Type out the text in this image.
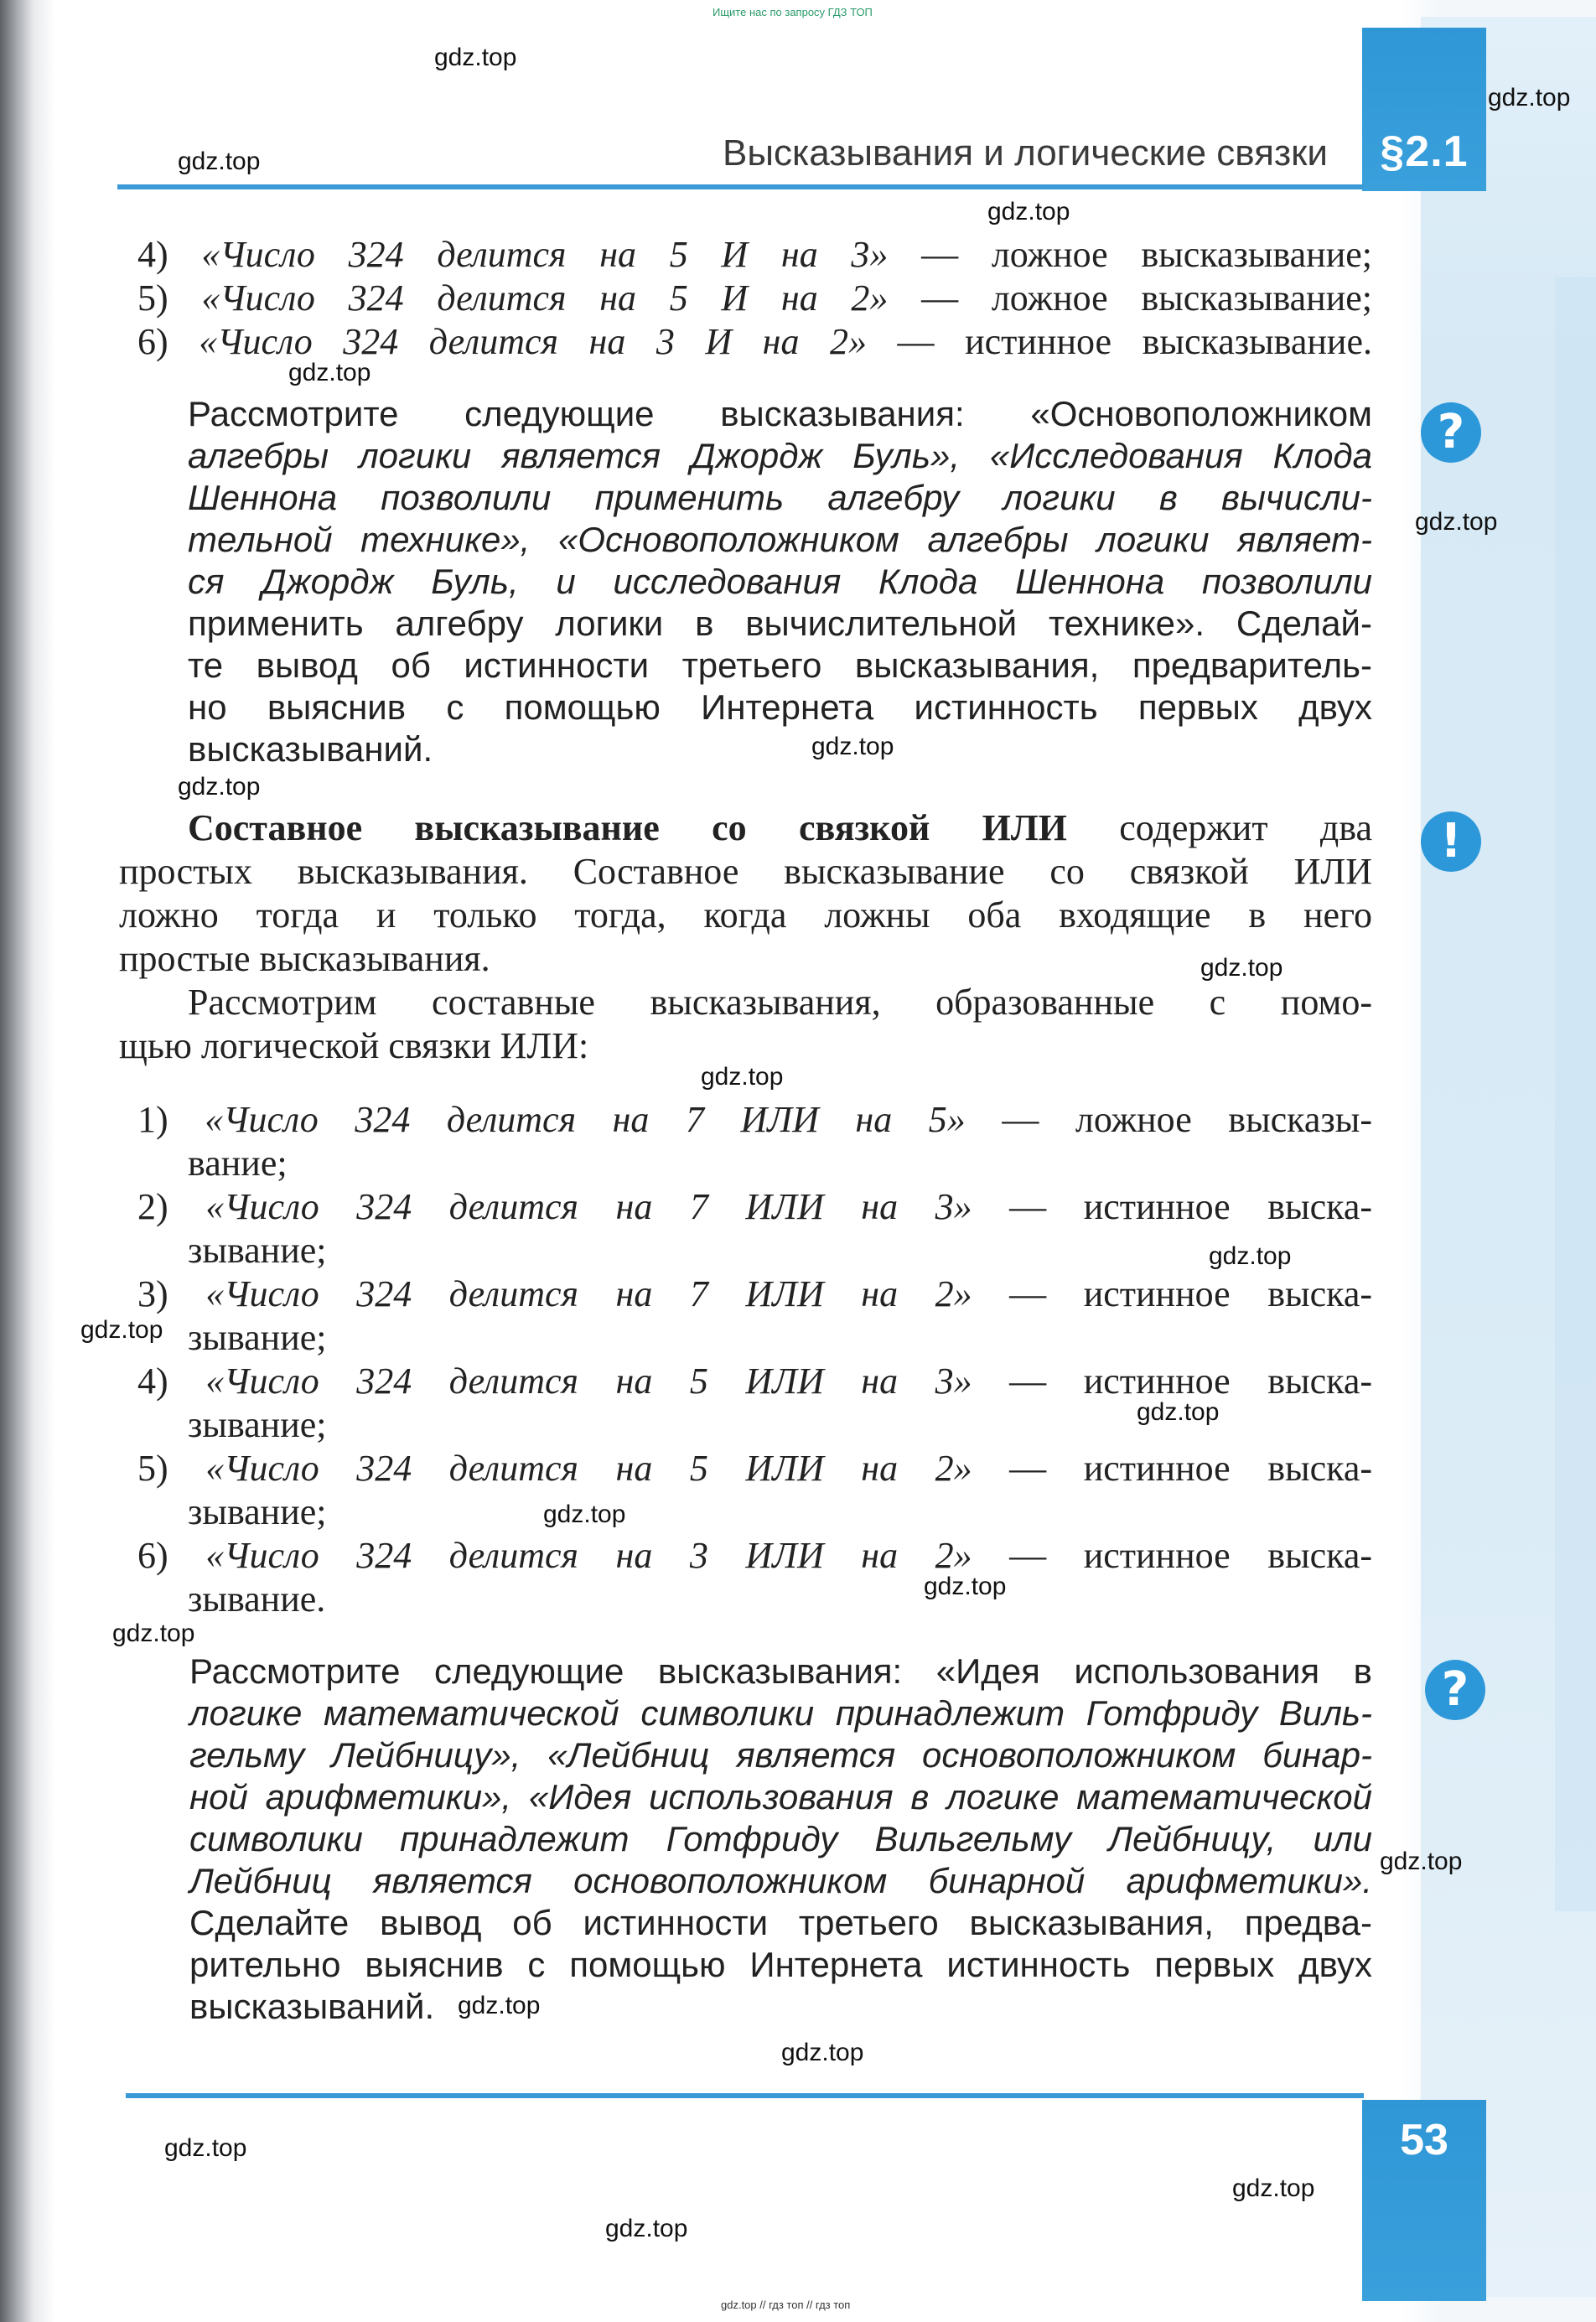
Ищите нас по запросу ГДЗ ТОП
§2.1
Высказывания и логические связки
4) «Число 324 делится на 5 И на 3» — ложное высказывание;
5) «Число 324 делится на 5 И на 2» — ложное высказывание;
6) «Число 324 делится на 3 И на 2» — истинное высказывание.
Рассмотрите следующие высказывания: «Основоположником
алгебры логики является Джордж Буль», «Исследования Клода
Шеннона позволили применить алгебру логики в вычисли-
тельной технике», «Основоположником алгебры логики являет-
ся Джордж Буль, и исследования Клода Шеннона позволили
применить алгебру логики в вычислительной технике». Сделай-
те вывод об истинности третьего высказывания, предваритель-
но выяснив с помощью Интернета истинность первых двух
высказываний.
Составное высказывание со связкой ИЛИ содержит два
простых высказывания. Составное высказывание со связкой ИЛИ
ложно тогда и только тогда, когда ложны оба входящие в него
простые высказывания.
Рассмотрим составные высказывания, образованные с помо-
щью логической связки ИЛИ:
1) «Число 324 делится на 7 ИЛИ на 5» — ложное высказы-
вание;
2) «Число 324 делится на 7 ИЛИ на 3» — истинное выска-
зывание;
3) «Число 324 делится на 7 ИЛИ на 2» — истинное выска-
зывание;
4) «Число 324 делится на 5 ИЛИ на 3» — истинное выска-
зывание;
5) «Число 324 делится на 5 ИЛИ на 2» — истинное выска-
зывание;
6) «Число 324 делится на 3 ИЛИ на 2» — истинное выска-
зывание.
Рассмотрите следующие высказывания: «Идея использования в
логике математической символики принадлежит Готфриду Виль-
гельму Лейбницу», «Лейбниц является основоположником бинар-
ной арифметики», «Идея использования в логике математической
символики принадлежит Готфриду Вильгельму Лейбницу, или
Лейбниц является основоположником бинарной арифметики».
Сделайте вывод об истинности третьего высказывания, предва-
рительно выяснив с помощью Интернета истинность первых двух
высказываний.
?
!
?
53
gdz.top // гдз топ // гдз топ
gdz.top
gdz.top
gdz.top
gdz.top
gdz.top
gdz.top
gdz.top
gdz.top
gdz.top
gdz.top
gdz.top
gdz.top
gdz.top
gdz.top
gdz.top
gdz.top
gdz.top
gdz.top
gdz.top
gdz.top
gdz.top
gdz.top
